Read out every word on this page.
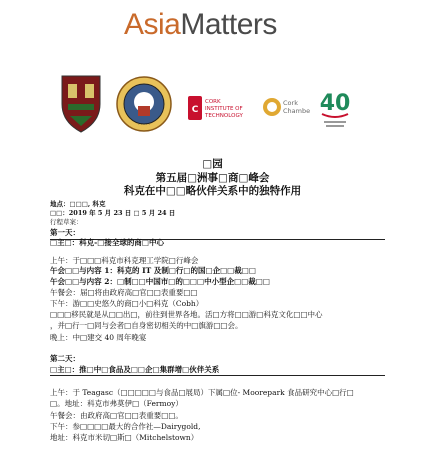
AsiaMatters
· · · · ·
C
CORK
INSTITUTE OF
TECHNOLOGY
Cork
Chamber 40
□园
第五届□洲事□商□峰会
科克在中□□略伙伴关系中的独特作用
地点：□□□, 科克
□□：2019 年 5 月 23 日 □ 5 月 24 日
行程草案：
第一天：
□主□：科克-□接全球的商□中心
上午：于□□□科克市科克理工学院□行峰会
午会□□与内容 1：科克的 IT 及制□行□的国□企□□裁□□
午会□□与内容 2：□制□□中国市□的□□□中小型企□□裁□□
午餐会：届□将由政府高□官□□表重要□□
下午：游□□史悠久的商□小□科克（Cobh）
□□□移民就是从□□出□，前往到世界各地。活□方将□□游□科克文化□□中心
，并□行一□同与会者□自身密切相关的中□旗游□□会。
晚上：中□建交 40 周年晚宴
第二天：
□主□：推□中□食品及□□企□集群增□伙伴关系
上午：于 Teagasc（□□□□□与食品□展局）下属□位- Moorepark 食品研究中心□行□
□。地址：科克市弗莫伊□（Fermoy）
午餐会：由政府高□官□□表重要□□。
下午：参□□□□最大的合作社—Dairygold,
地址：科克市米切□斯□（Mitchelstown）
